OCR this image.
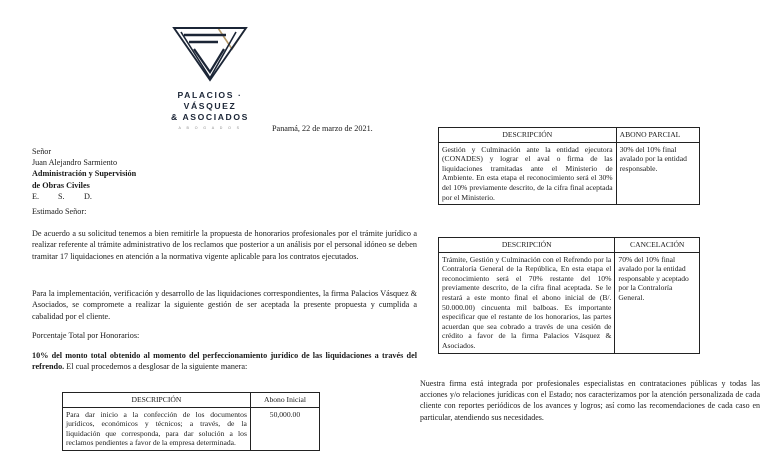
PALACIOS · VÁSQUEZ
& ASOCIADOS
A B O G A D O S	Panamá, 22 de marzo de 2021.
Señor
Juan Alejandro Sarmiento
Administración y Supervisión
de Obras Civiles
E. S. D.
Estimado Señor:
De acuerdo a su solicitud tenemos a bien remitirle la propuesta de honorarios profesionales por el trámite jurídico a realizar referente al trámite administrativo de los reclamos que posterior a un análisis por el personal idóneo se deben tramitar 17 liquidaciones en atención a la normativa vigente aplicable para los contratos ejecutados.
Para la implementación, verificación y desarrollo de las liquidaciones correspondientes, la firma Palacios Vásquez & Asociados, se compromete a realizar la siguiente gestión de ser aceptada la presente propuesta y cumplida a cabalidad por el cliente.
Porcentaje Total por Honorarios:
10% del monto total obtenido al momento del perfeccionamiento jurídico de las liquidaciones a través del refrendo. El cual procedemos a desglosar de la siguiente manera:
DESCRIPCIÓN	Abono Inicial
Para dar inicio a la confección de los documentos jurídicos, económicos y técnicos; a través, de la liquidación que corresponda, para dar solución a los reclamos pendientes a favor de la empresa determinada.	50,000.00
DESCRIPCIÓN	ABONO PARCIAL
Gestión y Culminación ante la entidad ejecutora (CONADES) y lograr el aval o firma de las liquidaciones tramitadas ante el Ministerio de Ambiente. En esta etapa el reconocimiento será el 30% del 10% previamente descrito, de la cifra final aceptada por el Ministerio.	30% del 10% final avalado por la entidad responsable.
DESCRIPCIÓN	CANCELACIÓN
Trámite, Gestión y Culminación con el Refrendo por la Contraloría General de la República, En esta etapa el reconocimiento será el 70% restante del 10% previamente descrito, de la cifra final aceptada. Se le restará a este monto final el abono inicial de (B/. 50.000.00) cincuenta mil balboas. Es importante especificar que el restante de los honorarios, las partes acuerdan que sea cobrado a través de una cesión de crédito a favor de la firma Palacios Vásquez & Asociados.	70% del 10% final avalado por la entidad responsable y aceptado por la Contraloría General.
Nuestra firma está integrada por profesionales especialistas en contrataciones públicas y todas las acciones y/o relaciones jurídicas con el Estado; nos caracterizamos por la atención personalizada de cada cliente con reportes periódicos de los avances y logros; así como las recomendaciones de cada caso en particular, atendiendo sus necesidades.
